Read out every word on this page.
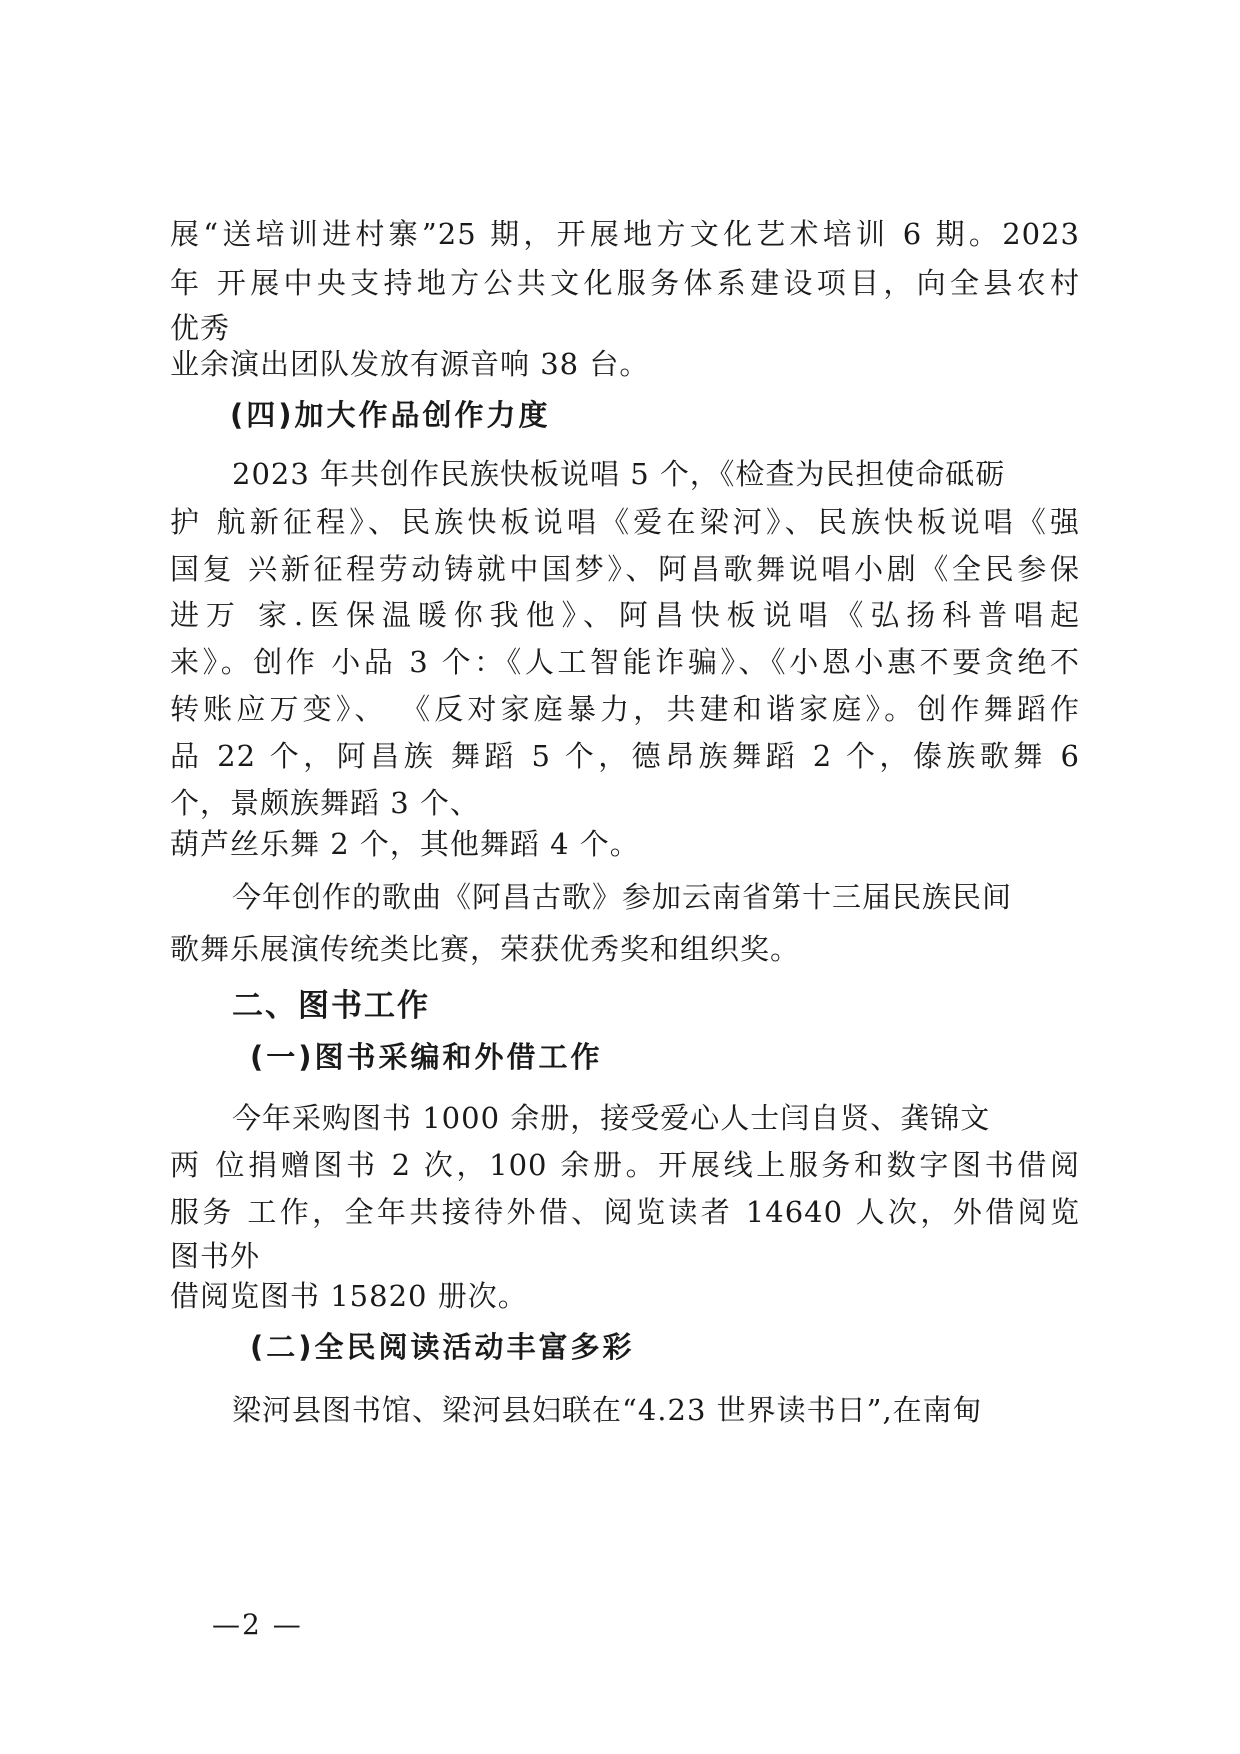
展“送培训进村寨”25 期，开展地方文化艺术培训 6 期。2023
年 开展中央支持地方公共文化服务体系建设项目，向全县农村
优秀
业余演出团队发放有源音响 38 台。
(四)加大作品创作力度
2023 年共创作民族快板说唱 5 个，《检查为民担使命砥砺
护 航新征程》、民族快板说唱《爱在梁河》、民族快板说唱《强
国复 兴新征程劳动铸就中国梦》、阿昌歌舞说唱小剧《全民参保
进万 家.医保温暖你我他》、阿昌快板说唱《弘扬科普唱起
来》。创作 小品 3 个：《人工智能诈骗》、《小恩小惠不要贪绝不
转账应万变》、 《反对家庭暴力，共建和谐家庭》。创作舞蹈作
品 22 个，阿昌族 舞蹈 5 个，德昂族舞蹈 2 个，傣族歌舞 6
个，景颇族舞蹈 3 个、
葫芦丝乐舞 2 个，其他舞蹈 4 个。
今年创作的歌曲《阿昌古歌》参加云南省第十三届民族民间
歌舞乐展演传统类比赛，荣获优秀奖和组织奖。
二、图书工作
(一)图书采编和外借工作
今年采购图书 1000 余册，接受爱心人士闫自贤、龚锦文
两 位捐赠图书 2 次，100 余册。开展线上服务和数字图书借阅
服务 工作，全年共接待外借、阅览读者 14640 人次，外借阅览
图书外
借阅览图书 15820 册次。
(二)全民阅读活动丰富多彩
梁河县图书馆、梁河县妇联在“4.23 世界读书日”,在南甸
—2 —
